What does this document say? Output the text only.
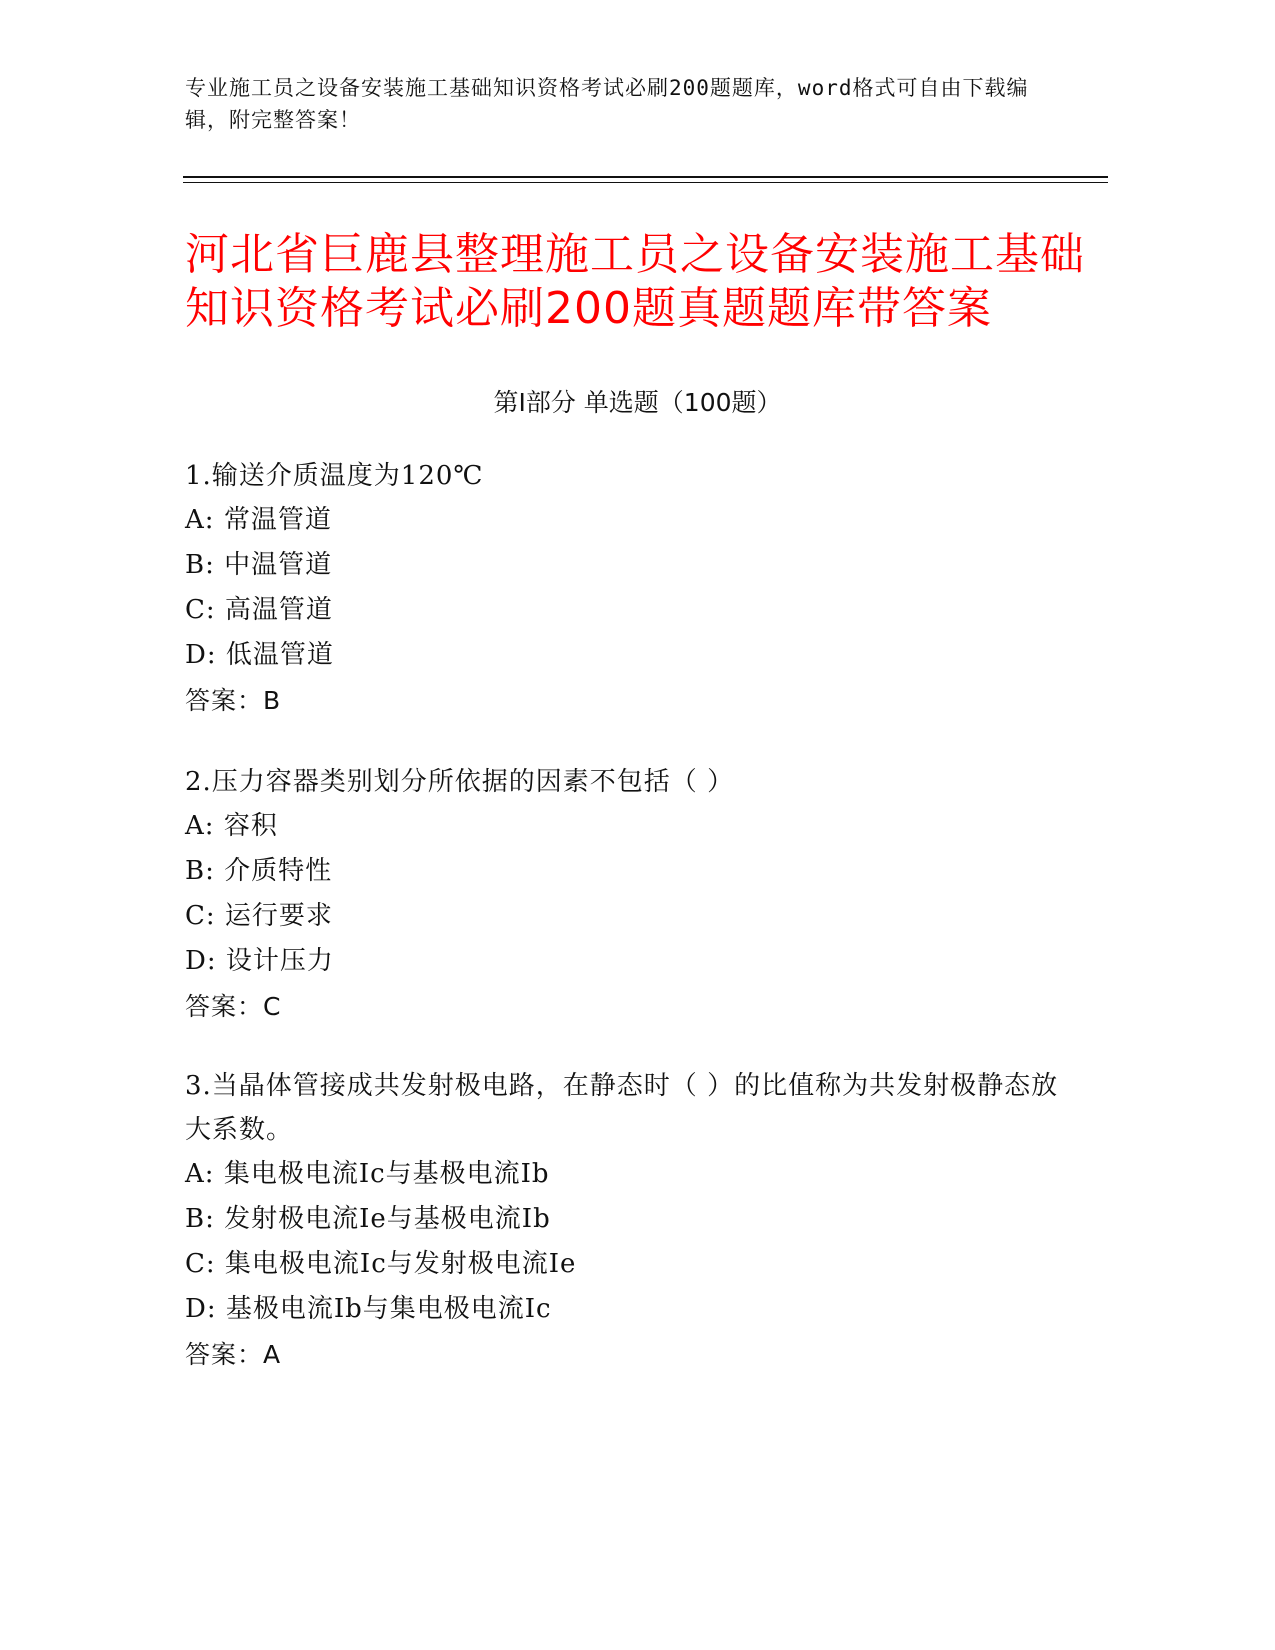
专业施工员之设备安装施工基础知识资格考试必刷200题题库，word格式可自由下载编辑，附完整答案！
河北省巨鹿县整理施工员之设备安装施工基础知识资格考试必刷200题真题题库带答案
第Ⅰ部分 单选题（100题）

1.输送介质温度为120℃

A: 常温管道

B: 中温管道

C: 高温管道

D: 低温管道

答案：B

2.压力容器类别划分所依据的因素不包括（ ）

A: 容积

B: 介质特性

C: 运行要求

D: 设计压力

答案：C

3.当晶体管接成共发射极电路，在静态时（ ）的比值称为共发射极静态放大系数。

A: 集电极电流Ic与基极电流Ib

B: 发射极电流Ie与基极电流Ib

C: 集电极电流Ic与发射极电流Ie

D: 基极电流Ib与集电极电流Ic

答案：A
